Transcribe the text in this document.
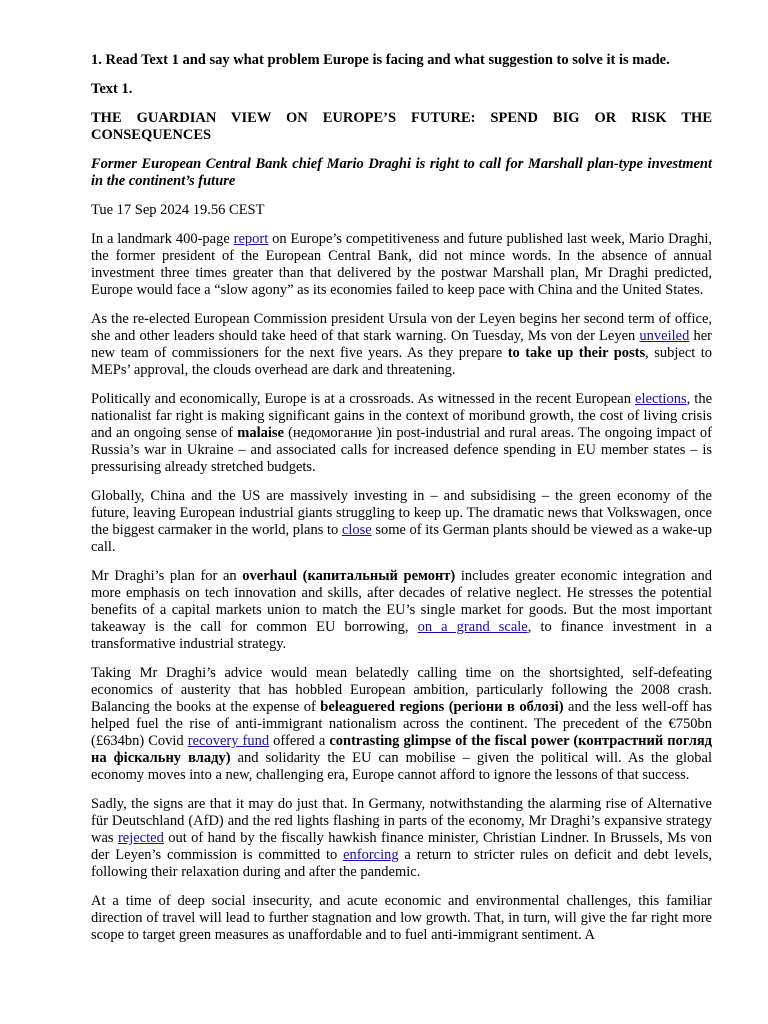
1. Read Text 1 and say what problem Europe is facing and what suggestion to solve it is made.

Text 1.

THE GUARDIAN VIEW ON EUROPE’S FUTURE: SPEND BIG OR RISK THE CONSEQUENCES

Former European Central Bank chief Mario Draghi is right to call for Marshall plan-type investment in the continent’s future

Tue 17 Sep 2024 19.56 CEST

In a landmark 400-page report on Europe’s competitiveness and future published last week, Mario Draghi, the former president of the European Central Bank, did not mince words. In the absence of annual investment three times greater than that delivered by the postwar Marshall plan, Mr Draghi predicted, Europe would face a “slow agony” as its economies failed to keep pace with China and the United States.

As the re-elected European Commission president Ursula von der Leyen begins her second term of office, she and other leaders should take heed of that stark warning. On Tuesday, Ms von der Leyen unveiled her new team of commissioners for the next five years. As they prepare to take up their posts, subject to MEPs’ approval, the clouds overhead are dark and threatening.

Politically and economically, Europe is at a crossroads. As witnessed in the recent European elections, the nationalist far right is making significant gains in the context of moribund growth, the cost of living crisis and an ongoing sense of malaise (недомогание )in post-industrial and rural areas. The ongoing impact of Russia’s war in Ukraine – and associated calls for increased defence spending in EU member states – is pressurising already stretched budgets.

Globally, China and the US are massively investing in – and subsidising – the green economy of the future, leaving European industrial giants struggling to keep up. The dramatic news that Volkswagen, once the biggest carmaker in the world, plans to close some of its German plants should be viewed as a wake-up call.

Mr Draghi’s plan for an overhaul (капитальный ремонт) includes greater economic integration and more emphasis on tech innovation and skills, after decades of relative neglect. He stresses the potential benefits of a capital markets union to match the EU’s single market for goods. But the most important takeaway is the call for common EU borrowing, on a grand scale, to finance investment in a transformative industrial strategy.

Taking Mr Draghi’s advice would mean belatedly calling time on the shortsighted, self-defeating economics of austerity that has hobbled European ambition, particularly following the 2008 crash. Balancing the books at the expense of beleaguered regions (регіони в облозі) and the less well-off has helped fuel the rise of anti-immigrant nationalism across the continent. The precedent of the €750bn (£634bn) Covid recovery fund offered a contrasting glimpse of the fiscal power (контрастний погляд на фіскальну владу) and solidarity the EU can mobilise – given the political will. As the global economy moves into a new, challenging era, Europe cannot afford to ignore the lessons of that success.

Sadly, the signs are that it may do just that. In Germany, notwithstanding the alarming rise of Alternative für Deutschland (AfD) and the red lights flashing in parts of the economy, Mr Draghi’s expansive strategy was rejected out of hand by the fiscally hawkish finance minister, Christian Lindner. In Brussels, Ms von der Leyen’s commission is committed to enforcing a return to stricter rules on deficit and debt levels, following their relaxation during and after the pandemic.

At a time of deep social insecurity, and acute economic and environmental challenges, this familiar direction of travel will lead to further stagnation and low growth. That, in turn, will give the far right more scope to target green measures as unaffordable and to fuel anti-immigrant sentiment. A
